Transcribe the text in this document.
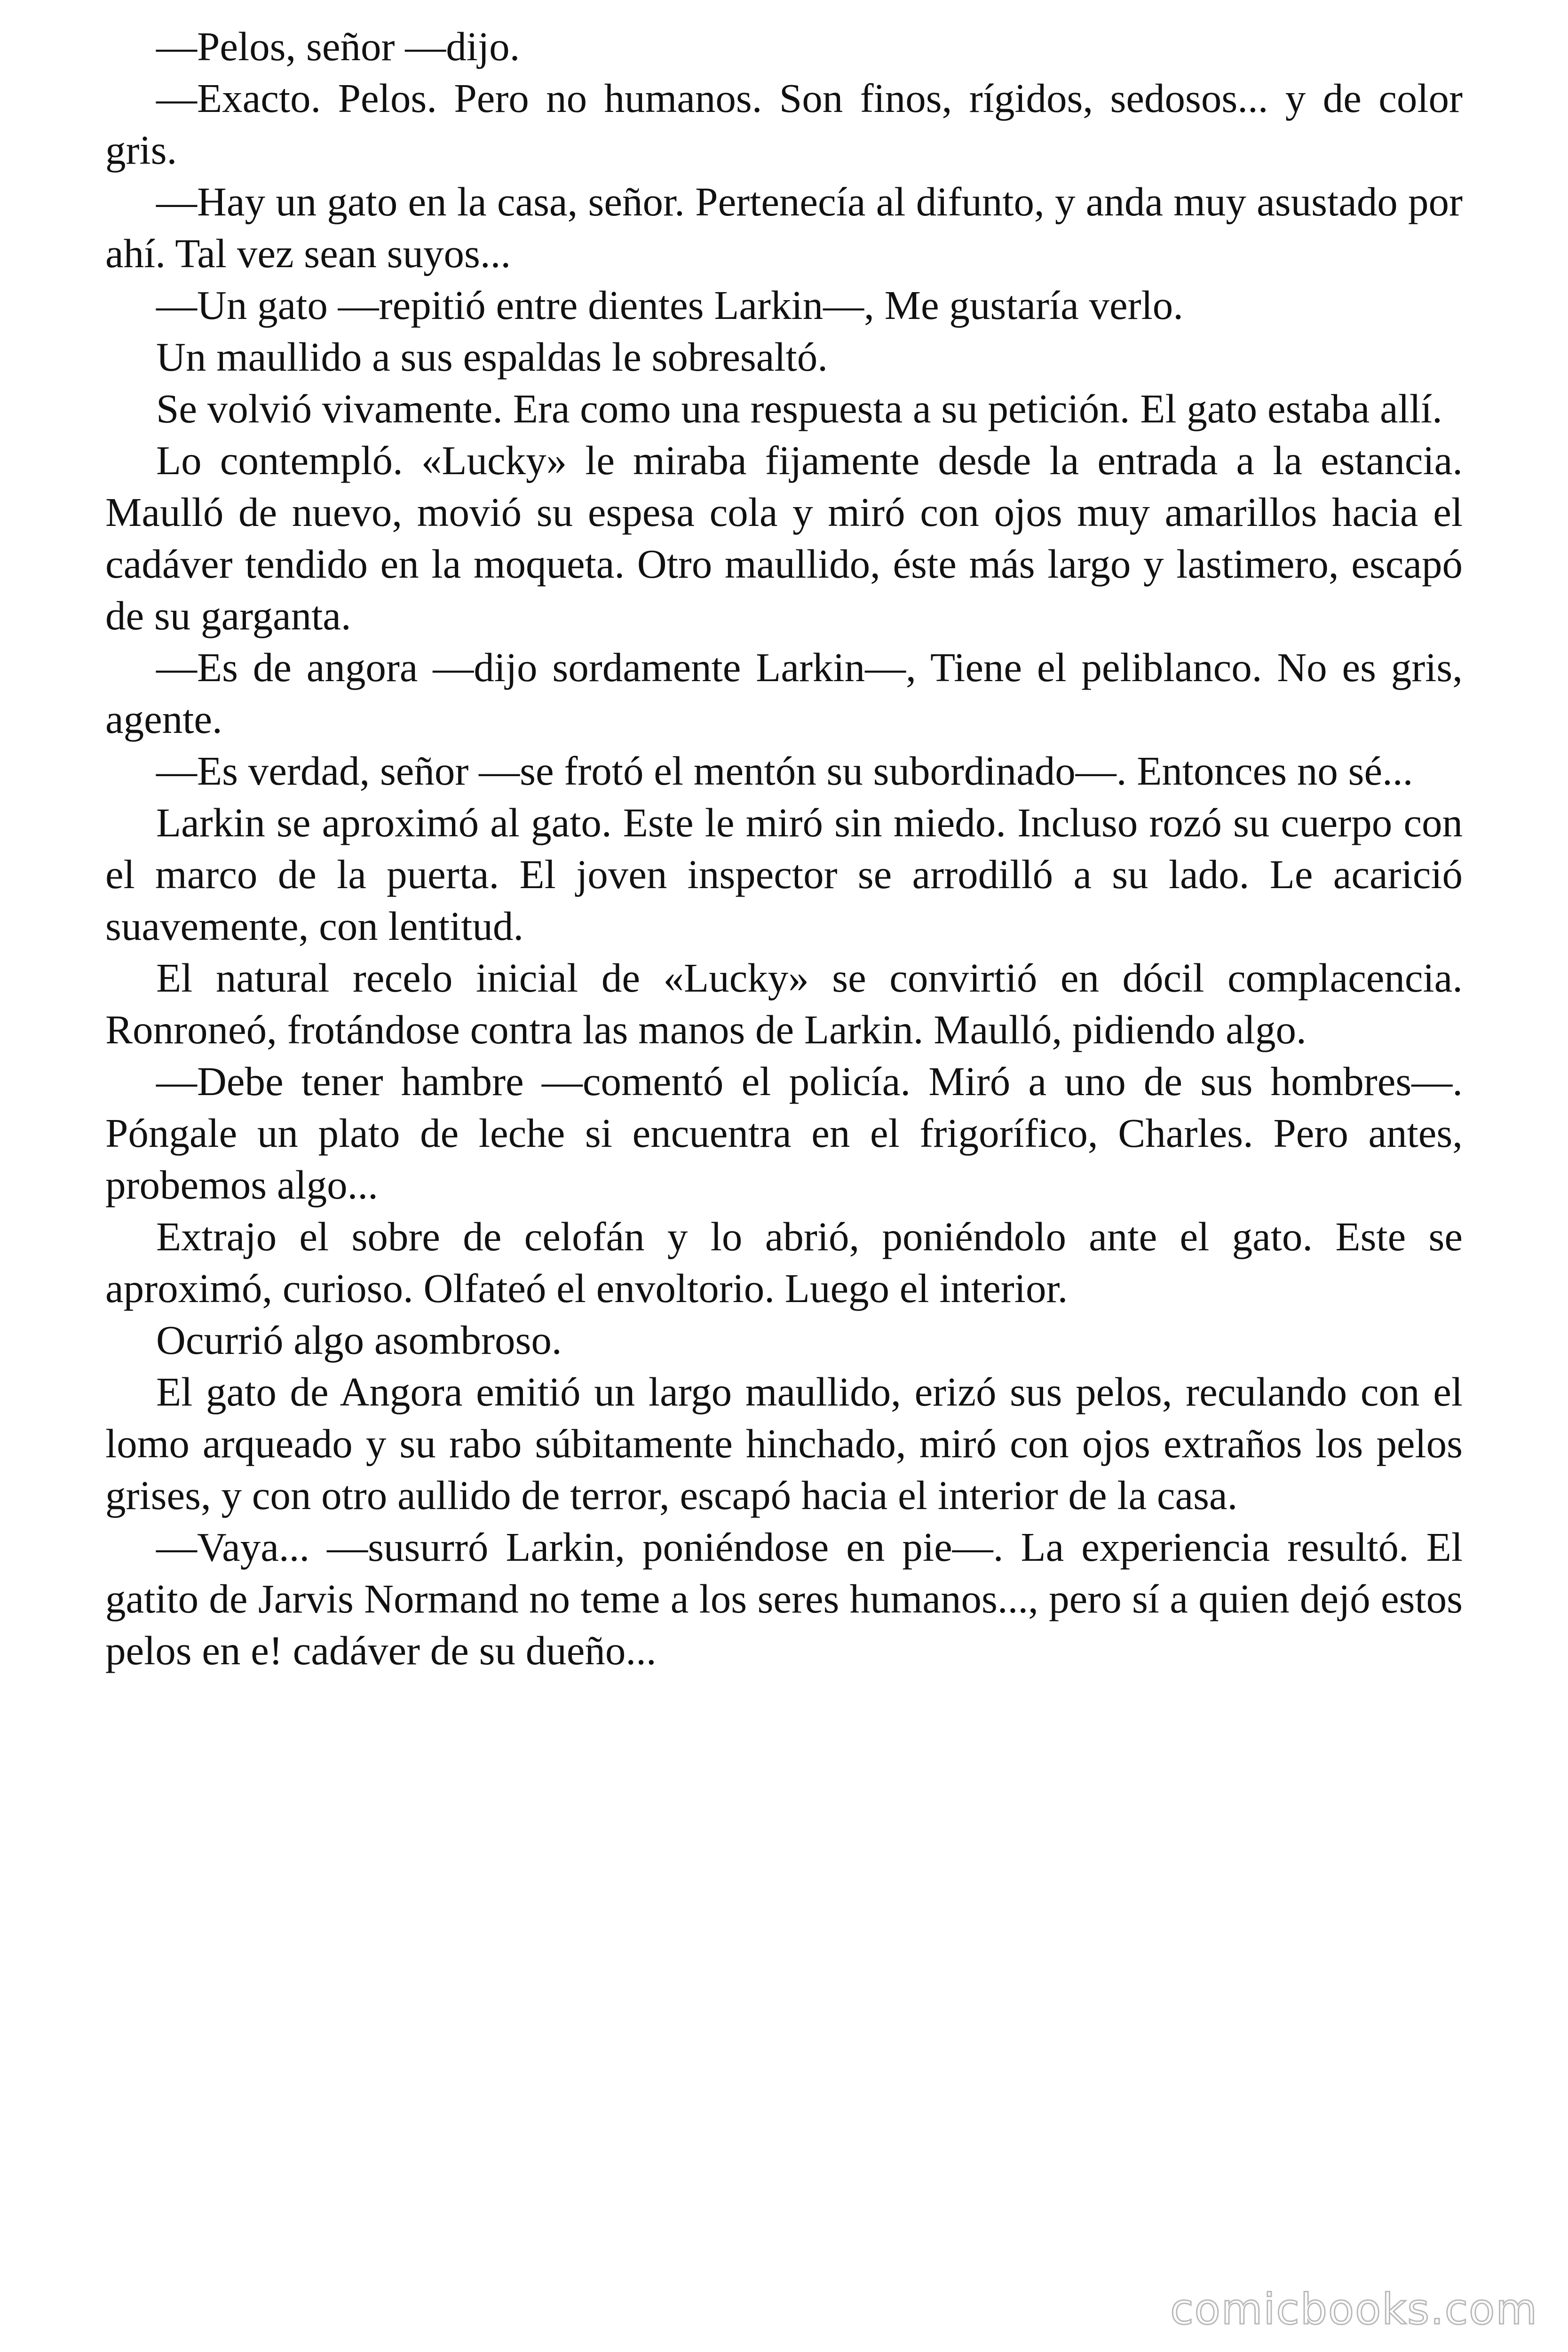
—Pelos, señor —dijo.

—Exacto. Pelos. Pero no humanos. Son finos, rígidos, sedosos... y de color gris.

—Hay un gato en la casa, señor. Pertenecía al difunto, y anda muy asustado por ahí. Tal vez sean suyos...

—Un gato —repitió entre dientes Larkin—, Me gustaría verlo.

Un maullido a sus espaldas le sobresaltó.

Se volvió vivamente. Era como una respuesta a su petición. El gato estaba allí.

Lo contempló. «Lucky» le miraba fijamente desde la entrada a la estancia. Maulló de nuevo, movió su espesa cola y miró con ojos muy amarillos hacia el cadáver tendido en la moqueta. Otro maullido, éste más largo y lastimero, escapó de su garganta.

—Es de angora —dijo sordamente Larkin—, Tiene el peliblanco. No es gris, agente.

—Es verdad, señor —se frotó el mentón su subordinado—. Entonces no sé...

Larkin se aproximó al gato. Este le miró sin miedo. Incluso rozó su cuerpo con el marco de la puerta. El joven inspector se arrodilló a su lado. Le acarició suavemente, con lentitud.

El natural recelo inicial de «Lucky» se convirtió en dócil complacencia. Ronroneó, frotándose contra las manos de Larkin. Maulló, pidiendo algo.

—Debe tener hambre —comentó el policía. Miró a uno de sus hombres—. Póngale un plato de leche si encuentra en el frigorífico, Charles. Pero antes, probemos algo...

Extrajo el sobre de celofán y lo abrió, poniéndolo ante el gato. Este se aproximó, curioso. Olfateó el envoltorio. Luego el interior.

Ocurrió algo asombroso.

El gato de Angora emitió un largo maullido, erizó sus pelos, reculando con el lomo arqueado y su rabo súbitamente hinchado, miró con ojos extraños los pelos grises, y con otro aullido de terror, escapó hacia el interior de la casa.

—Vaya... —susurró Larkin, poniéndose en pie—. La experiencia resultó. El gatito de Jarvis Normand no teme a los seres humanos..., pero sí a quien dejó estos pelos en e! cadáver de su dueño...

comicbooks.com
